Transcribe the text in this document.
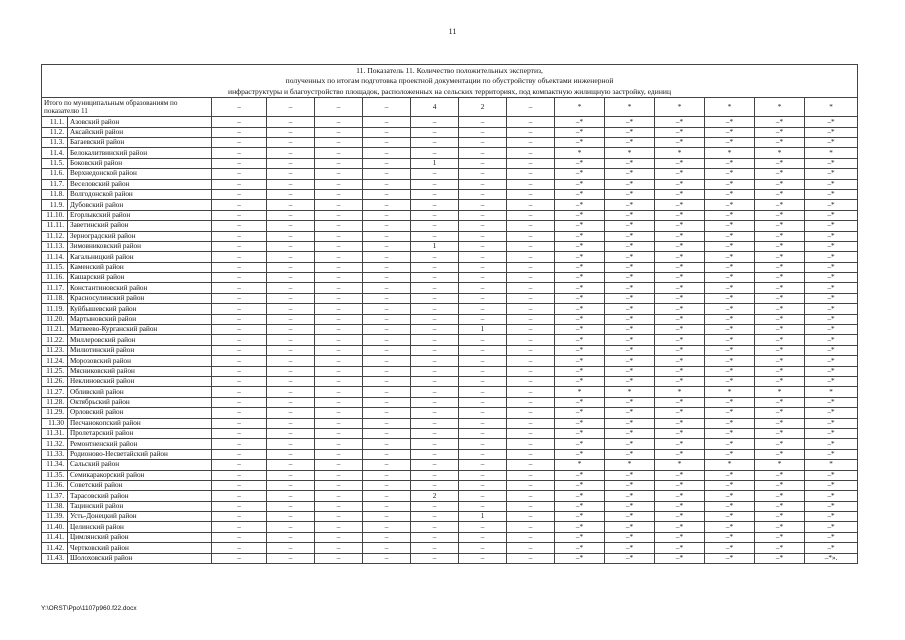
11
11. Показатель 11. Количество положительных экспертиз,
полученных по итогам подготовка проектной документации по обустройству объектами инженерной
инфраструктуры и благоустройство площадок, расположенных на сельских территориях, под компактную жилищную застройку, единиц														

Итого по муниципальным образованиям по показателю 11		–	–	–	–	4	2	–	*	*	*	*	*	*
11.1.	Азовский район	–	–	–	–	–	–	–	–*	–*	–*	–*	–*	–*
11.2.	Аксайский район	–	–	–	–	–	–	–	–*	–*	–*	–*	–*	–*
11.3.	Багаевский район	–	–	–	–	–	–	–	–*	–*	–*	–*	–*	–*
11.4.	Белокалитвинский район	–	–	–	–	–	–	–	*	*	*	*	*	*
11.5.	Боковский район	–	–	–	–	1	–	–	–*	–*	–*	–*	–*	–*
11.6.	Верхнедонской район	–	–	–	–	–	–	–	–*	–*	–*	–*	–*	–*
11.7.	Веселовский район	–	–	–	–	–	–	–	–*	–*	–*	–*	–*	–*
11.8.	Волгодонской район	–	–	–	–	–	–	–	–*	–*	–*	–*	–*	–*
11.9.	Дубовский район	–	–	–	–	–	–	–	–*	–*	–*	–*	–*	–*
11.10.	Егорлыкский район	–	–	–	–	–	–	–	–*	–*	–*	–*	–*	–*
11.11.	Заветинский район	–	–	–	–	–	–	–	–*	–*	–*	–*	–*	–*
11.12.	Зерноградский район	–	–	–	–	–	–	–	–*	–*	–*	–*	–*	–*
11.13.	Зимовниковский район	–	–	–	–	1	–	–	–*	–*	–*	–*	–*	–*
11.14.	Кагальницкий район	–	–	–	–	–	–	–	–*	–*	–*	–*	–*	–*
11.15.	Каменский район	–	–	–	–	–	–	–	–*	–*	–*	–*	–*	–*
11.16.	Кашарский район	–	–	–	–	–	–	–	–*	–*	–*	–*	–*	–*
11.17.	Константиновский район	–	–	–	–	–	–	–	–*	–*	–*	–*	–*	–*
11.18.	Красносулинский район	–	–	–	–	–	–	–	–*	–*	–*	–*	–*	–*
11.19.	Куйбышевский район	–	–	–	–	–	–	–	–*	–*	–*	–*	–*	–*
11.20.	Мартыновский район	–	–	–	–	–	–	–	–*	–*	–*	–*	–*	–*
11.21.	Матвеево-Курганский район	–	–	–	–	–	1	–	–*	–*	–*	–*	–*	–*
11.22.	Миллеровский район	–	–	–	–	–	–	–	–*	–*	–*	–*	–*	–*
11.23.	Милютинский район	–	–	–	–	–	–	–	–*	–*	–*	–*	–*	–*
11.24.	Морозовский район	–	–	–	–	–	–	–	–*	–*	–*	–*	–*	–*
11.25.	Мясниковский район	–	–	–	–	–	–	–	–*	–*	–*	–*	–*	–*
11.26.	Неклиновский район	–	–	–	–	–	–	–	–*	–*	–*	–*	–*	–*
11.27.	Обливский район	–	–	–	–	–	–	–	*	*	*	*	*	*
11.28.	Октябрьский район	–	–	–	–	–	–	–	–*	–*	–*	–*	–*	–*
11.29.	Орловский район	–	–	–	–	–	–	–	–*	–*	–*	–*	–*	–*
11.30	Песчанокопский район	–	–	–	–	–	–	–	–*	–*	–*	–*	–*	–*
11.31.	Пролетарский район	–	–	–	–	–	–	–	–*	–*	–*	–*	–*	–*
11.32.	Ремонтненский район	–	–	–	–	–	–	–	–*	–*	–*	–*	–*	–*
11.33.	Родионово-Несветайский район	–	–	–	–	–	–	–	–*	–*	–*	–*	–*	–*
11.34.	Сальский район	–	–	–	–	–	–	–	*	*	*	*	*	*
11.35.	Семикаракорский район	–	–	–	–	–	–	–	–*	–*	–*	–*	–*	–*
11.36.	Советский район	–	–	–	–	–	–	–	–*	–*	–*	–*	–*	–*
11.37.	Тарасовский район	–	–	–	–	2	–	–	–*	–*	–*	–*	–*	–*
11.38.	Тацинский район	–	–	–	–	–	–	–	–*	–*	–*	–*	–*	–*
11.39.	Усть-Донецкий район	–	–	–	–	–	1	–	–*	–*	–*	–*	–*	–*
11.40.	Целинский район	–	–	–	–	–	–	–	–*	–*	–*	–*	–*	–*
11.41.	Цимлянский район	–	–	–	–	–	–	–	–*	–*	–*	–*	–*	–*
11.42.	Чертковский район	–	–	–	–	–	–	–	–*	–*	–*	–*	–*	–*
11.43.	Шолоховский район	–	–	–	–	–	–	–	–*	–*	–*	–*	–*	–*».
Y:\ORST\Ppo\1107p960.f22.docx
